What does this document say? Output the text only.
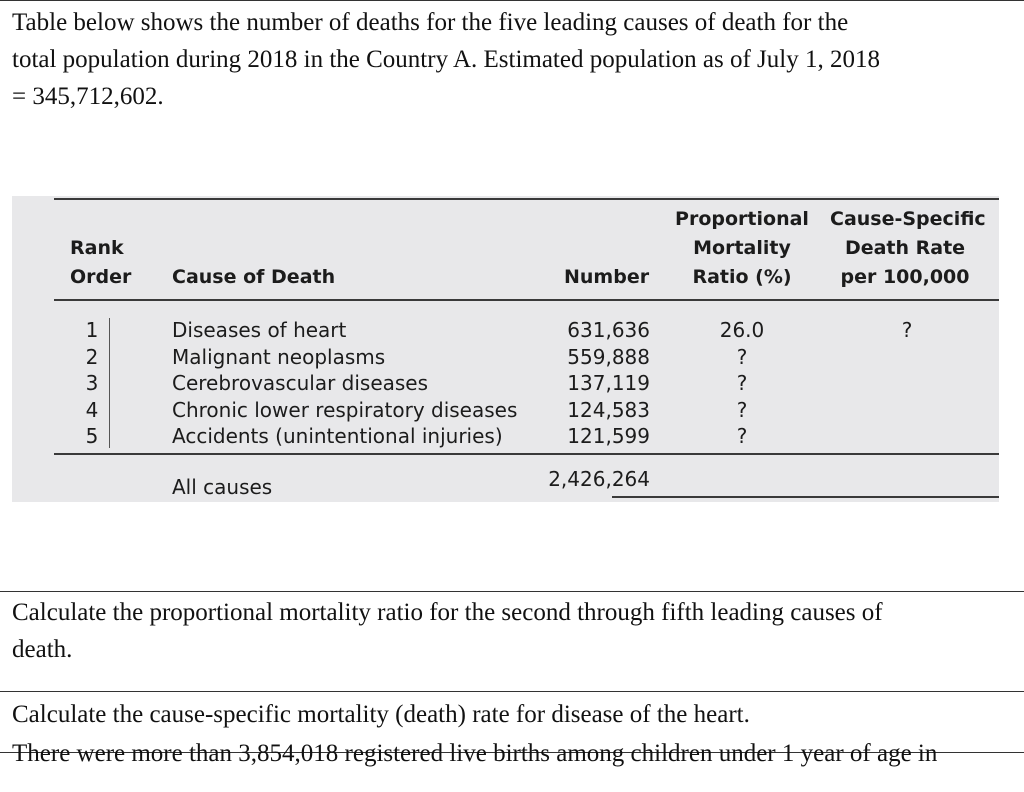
Table below shows the number of deaths for the five leading causes of death for the
total population during 2018 in the Country A. Estimated population as of July 1, 2018
= 345,712,602.
Rank
Order Cause of Death	Number
Proportional
Mortality
Ratio (%)
Cause-Specific
Death Rate
per 100,000
1
2
3
4
5
Diseases of heart
Malignant neoplasms
Cerebrovascular diseases
Chronic lower respiratory diseases
Accidents (unintentional injuries)
631,636
559,888
137,119
124,583
121,599
26.0
?
?
?
?
?
All causes	2,426,264
Calculate the proportional mortality ratio for the second through fifth leading causes of
death.
Calculate the cause-specific mortality (death) rate for disease of the heart.
There were more than 3,854,018 registered live births among children under 1 year of age in
